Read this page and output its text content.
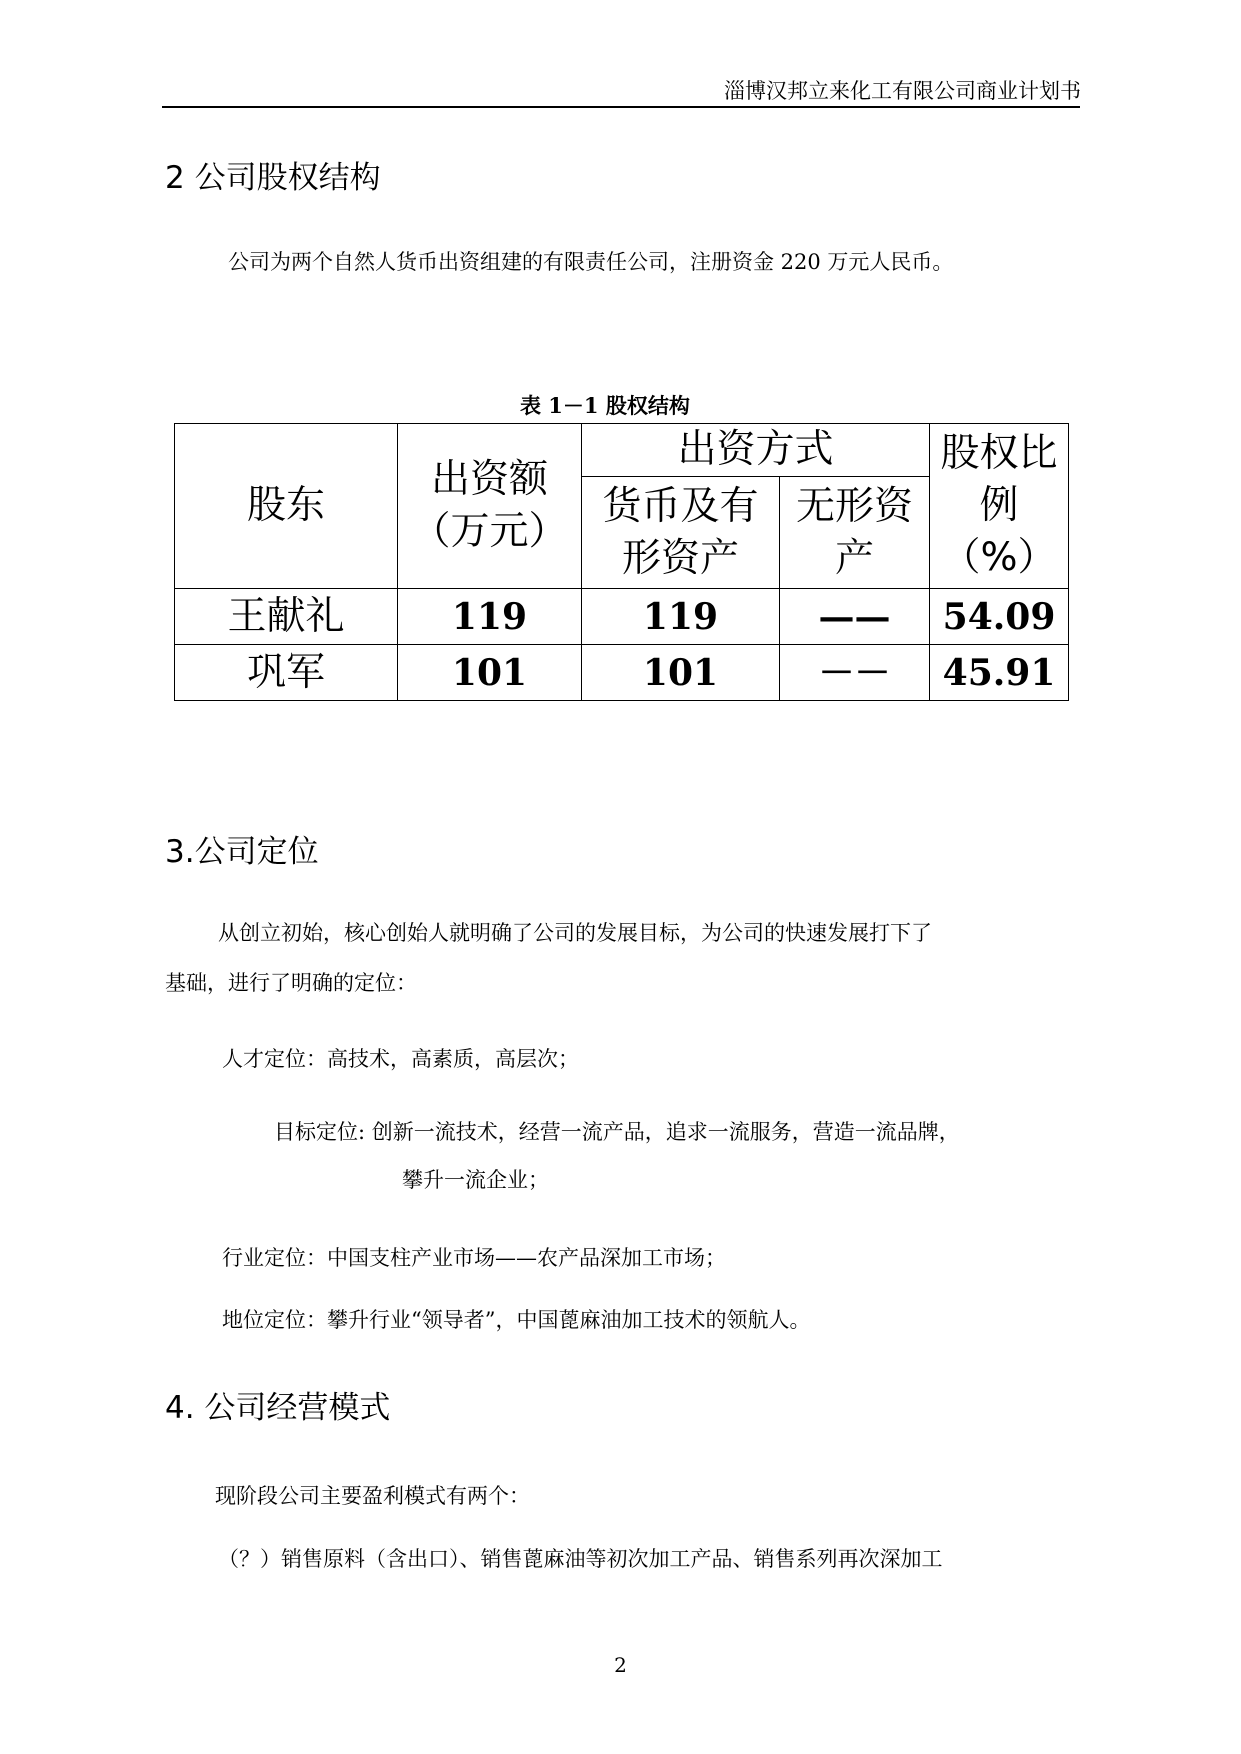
淄博汉邦立来化工有限公司商业计划书
2 公司股权结构
公司为两个自然人货币出资组建的有限责任公司，注册资金 220 万元人民币。
表 1－1 股权结构
股东	出资额（万元）	出资方式		股权比例（%）
		货币及有形资产	无形资产	
王献礼	119	119	——	54.09
巩军	101	101	－－	45.91
3.公司定位
从创立初始，核心创始人就明确了公司的发展目标，为公司的快速发展打下了
基础，进行了明确的定位：
人才定位：高技术，高素质，高层次；
目标定位: 创新一流技术，经营一流产品，追求一流服务，营造一流品牌，
攀升一流企业；
行业定位：中国支柱产业市场——农产品深加工市场；
地位定位：攀升行业“领导者”，中国蓖麻油加工技术的领航人。
4. 公司经营模式
现阶段公司主要盈利模式有两个：
（？）销售原料（含出口）、销售蓖麻油等初次加工产品、销售系列再次深加工
2
